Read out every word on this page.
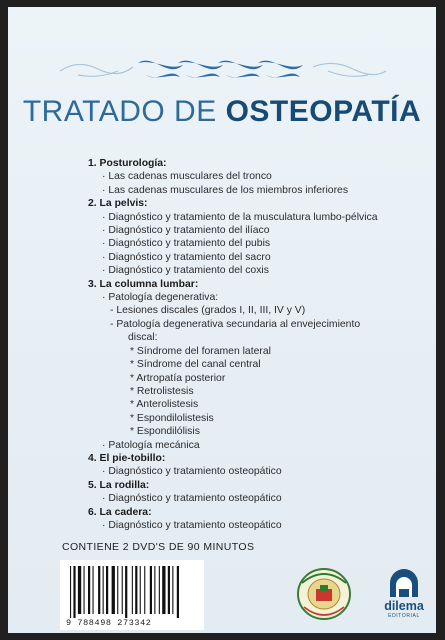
TRATADO DE OSTEOPATÍA
1. Posturología:
· Las cadenas musculares del tronco
· Las cadenas musculares de los miembros inferiores
2. La pelvis:
· Diagnóstico y tratamiento de la musculatura lumbo-pélvica
· Diagnóstico y tratamiento del ilíaco
· Diagnóstico y tratamiento del pubis
· Diagnóstico y tratamiento del sacro
· Diagnóstico y tratamiento del coxis
3. La columna lumbar:
· Patología degenerativa:
- Lesiones discales (grados I, II, III, IV y V)
- Patología degenerativa secundaria al envejecimiento
discal:
* Síndrome del foramen lateral
* Síndrome del canal central
* Artropatía posterior
* Retrolistesis
* Anterolistesis
* Espondilolistesis
* Espondilólisis
· Patología mecánica
4. El pie-tobillo:
· Diagnóstico y tratamiento osteopático
5. La rodilla:
· Diagnóstico y tratamiento osteopático
6. La cadera:
· Diagnóstico y tratamiento osteopático
CONTIENE 2 DVD'S DE 90 MINUTOS
9 788498 273342
dilema
EDITORIAL
